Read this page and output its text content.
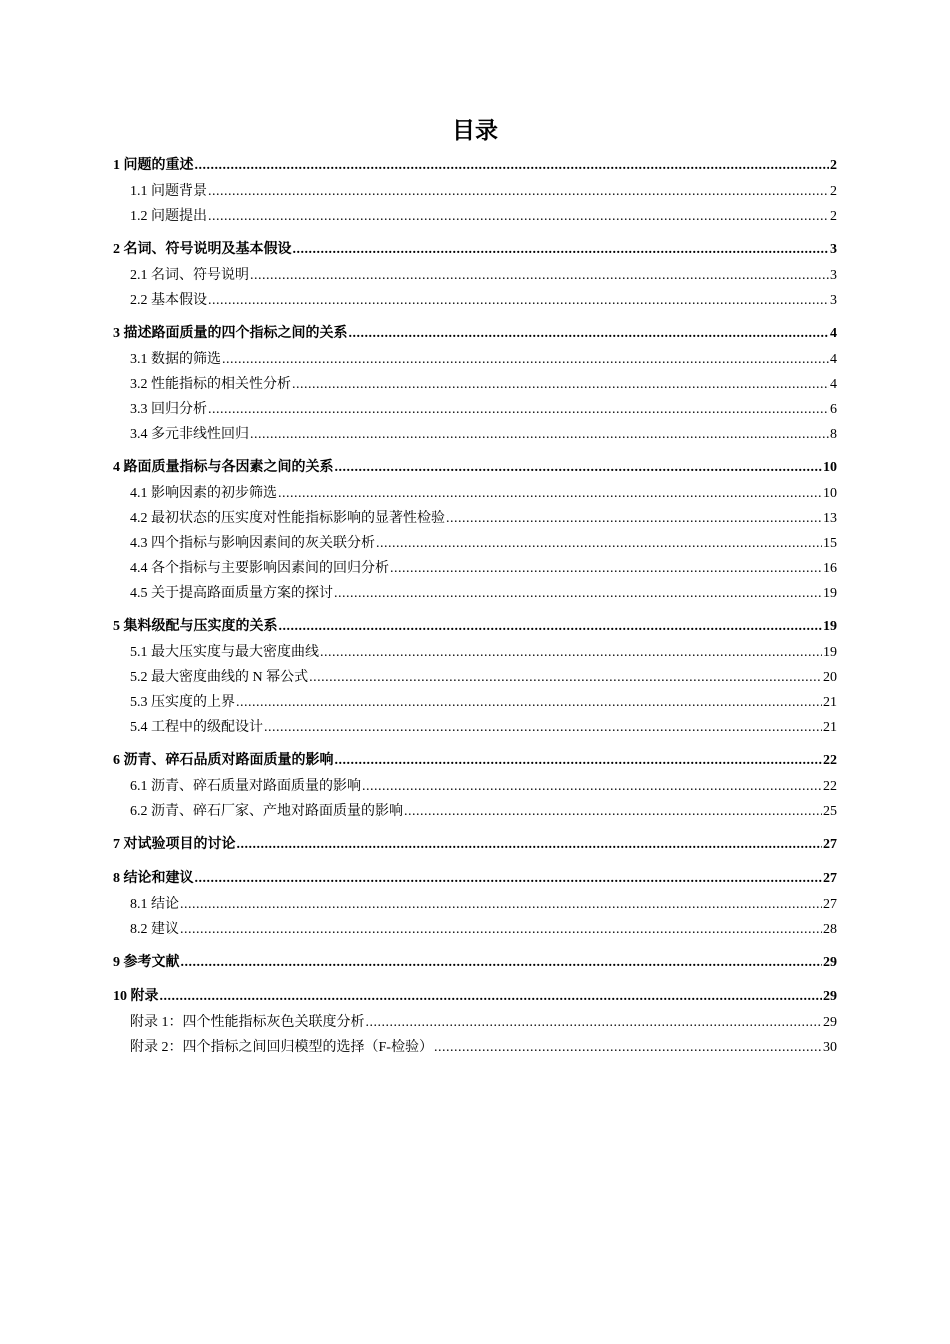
目录
1 问题的重述 .....	2
1.1 问题背景 .....	2
1.2 问题提出 .....	2
2 名词、符号说明及基本假设 .....	3
2.1 名词、符号说明 .....	3
2.2 基本假设 .....	3
3 描述路面质量的四个指标之间的关系 .....	4
3.1 数据的筛选 .....	4
3.2 性能指标的相关性分析 .....	4
3.3 回归分析 .....	6
3.4 多元非线性回归 .....	8
4 路面质量指标与各因素之间的关系 .....	10
4.1 影响因素的初步筛选 .....	10
4.2 最初状态的压实度对性能指标影响的显著性检验 .....	13
4.3 四个指标与影响因素间的灰关联分析 .....	15
4.4 各个指标与主要影响因素间的回归分析 .....	16
4.5 关于提高路面质量方案的探讨 .....	19
5 集料级配与压实度的关系 .....	19
5.1 最大压实度与最大密度曲线 .....	19
5.2 最大密度曲线的 N 幂公式 .....	20
5.3 压实度的上界 .....	21
5.4 工程中的级配设计 .....	21
6 沥青、碎石品质对路面质量的影响 .....	22
6.1 沥青、碎石质量对路面质量的影响 .....	22
6.2 沥青、碎石厂家、产地对路面质量的影响 .....	25
7 对试验项目的讨论 .....	27
8 结论和建议 .....	27
8.1 结论 .....	27
8.2 建议 .....	28
9 参考文献 .....	29
10 附录 .....	29
附录 1：四个性能指标灰色关联度分析 .....	29
附录 2：四个指标之间回归模型的选择（F-检验） .....	30
